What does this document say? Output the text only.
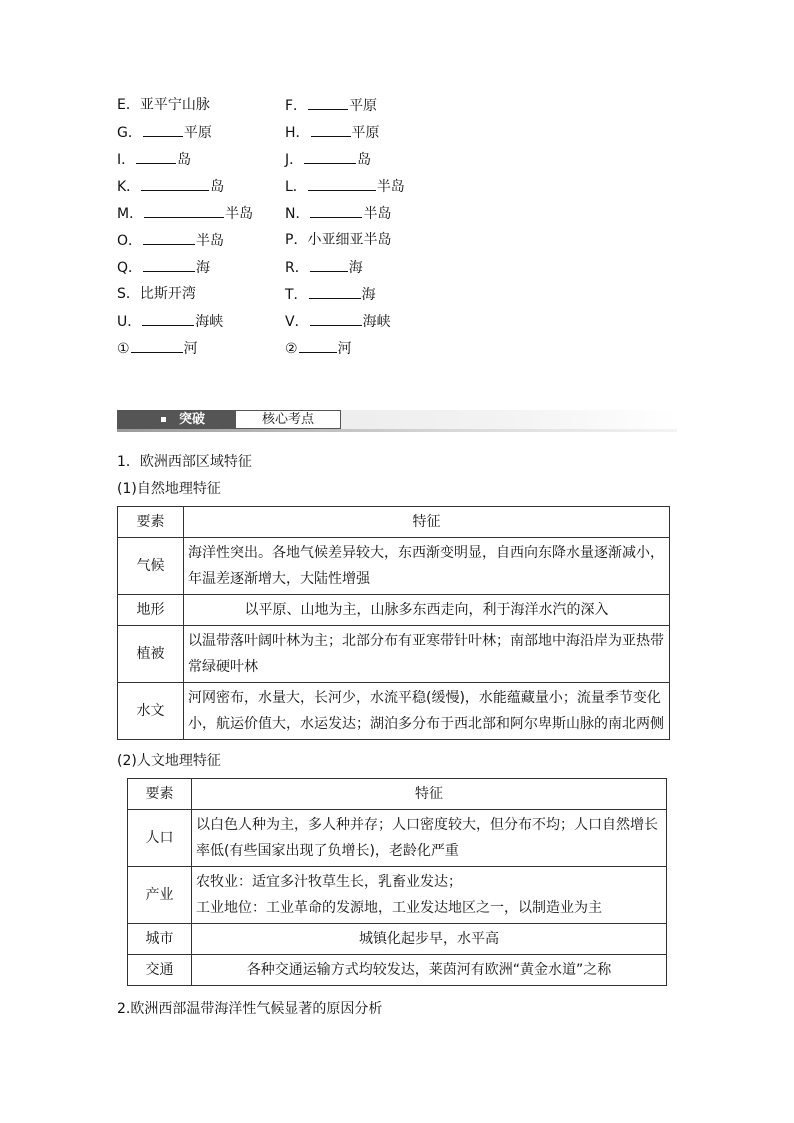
E．亚平宁山脉	F．	平原
G．	平原	H．	平原
I．	岛	J．	岛
K．	岛	L．	半岛
M．	半岛 N．	半岛
O．	半岛	P．小亚细亚半岛
Q．	海	R．	海
S．比斯开湾	T．	海
U．	海峡	V．	海峡
①	河	②	河
突破	核心考点
1．欧洲西部区域特征
(1)自然地理特征
要素	特征
气候	海洋性突出。各地气候差异较大，东西渐变明显，自西向东降水量逐渐减小，
年温差逐渐增大，大陆性增强

地形	以平原、山地为主，山脉多东西走向，利于海洋水汽的深入

植被	以温带落叶阔叶林为主；北部分布有亚寒带针叶林；南部地中海沿岸为亚热带
常绿硬叶林

水文	河网密布，水量大，长河少，水流平稳(缓慢)，水能蕴藏量小；流量季节变化
小，航运价值大，水运发达；湖泊多分布于西北部和阿尔卑斯山脉的南北两侧
(2)人文地理特征
要素	特征
人口	以白色人种为主，多人种并存；人口密度较大，但分布不均；人口自然增长
率低(有些国家出现了负增长)，老龄化严重

产业	农牧业：适宜多汁牧草生长，乳畜业发达；
工业地位：工业革命的发源地，工业发达地区之一，以制造业为主

城市	城镇化起步早，水平高

交通	各种交通运输方式均较发达，莱茵河有欧洲“黄金水道”之称
2.欧洲西部温带海洋性气候显著的原因分析
